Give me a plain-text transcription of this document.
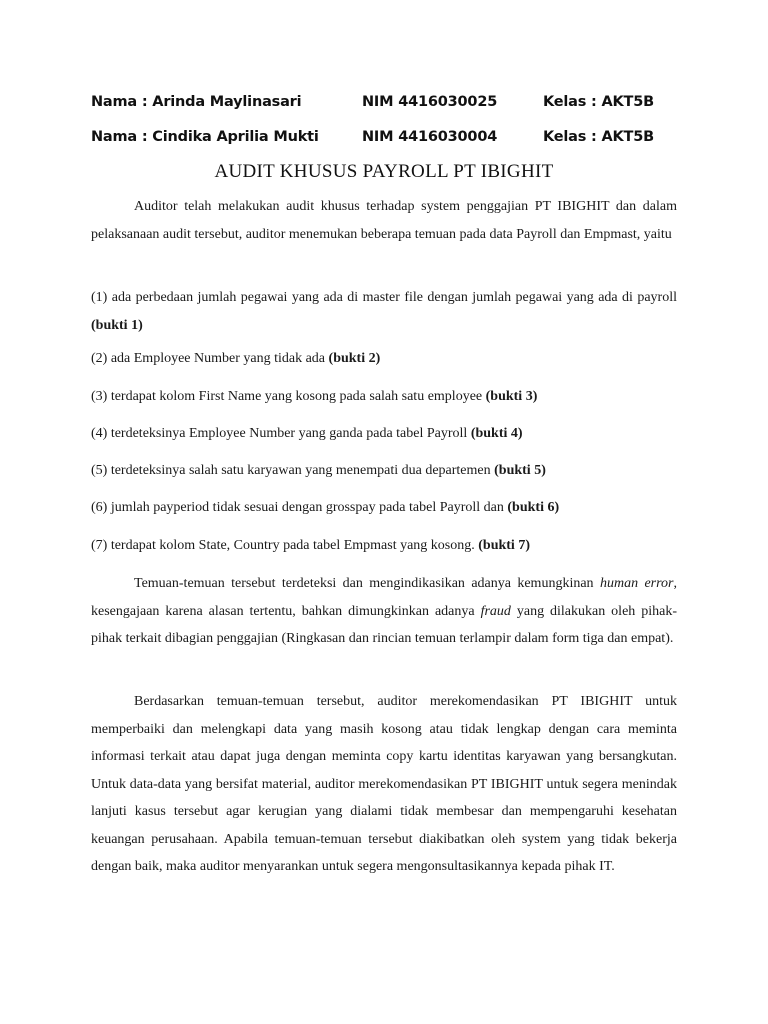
Nama : Arinda Maylinasari	NIM 4416030025	Kelas : AKT5B
Nama : Cindika Aprilia Mukti	NIM 4416030004	Kelas : AKT5B
AUDIT KHUSUS PAYROLL PT IBIGHIT

Auditor telah melakukan audit khusus terhadap system penggajian PT IBIGHIT dan dalam pelaksanaan audit tersebut, auditor menemukan beberapa temuan pada data Payroll dan Empmast, yaitu

(1) ada perbedaan jumlah pegawai yang ada di master file dengan jumlah pegawai yang ada di payroll (bukti 1)

(2) ada Employee Number yang tidak ada (bukti 2)
(3) terdapat kolom First Name yang kosong pada salah satu employee (bukti 3)
(4) terdeteksinya Employee Number yang ganda pada tabel Payroll (bukti 4)
(5) terdeteksinya salah satu karyawan yang menempati dua departemen (bukti 5)
(6) jumlah payperiod tidak sesuai dengan grosspay pada tabel Payroll dan (bukti 6)
(7) terdapat kolom State, Country pada tabel Empmast yang kosong. (bukti 7)

Temuan-temuan tersebut terdeteksi dan mengindikasikan adanya kemungkinan human error, kesengajaan karena alasan tertentu, bahkan dimungkinkan adanya fraud yang dilakukan oleh pihak-pihak terkait dibagian penggajian (Ringkasan dan rincian temuan terlampir dalam form tiga dan empat).

Berdasarkan temuan-temuan tersebut, auditor merekomendasikan PT IBIGHIT untuk memperbaiki dan melengkapi data yang masih kosong atau tidak lengkap dengan cara meminta informasi terkait atau dapat juga dengan meminta copy kartu identitas karyawan yang bersangkutan. Untuk data-data yang bersifat material, auditor merekomendasikan PT IBIGHIT untuk segera menindak lanjuti kasus tersebut agar kerugian yang dialami tidak membesar dan mempengaruhi kesehatan keuangan perusahaan. Apabila temuan-temuan tersebut diakibatkan oleh system yang tidak bekerja dengan baik, maka auditor menyarankan untuk segera mengonsultasikannya kepada pihak IT.
